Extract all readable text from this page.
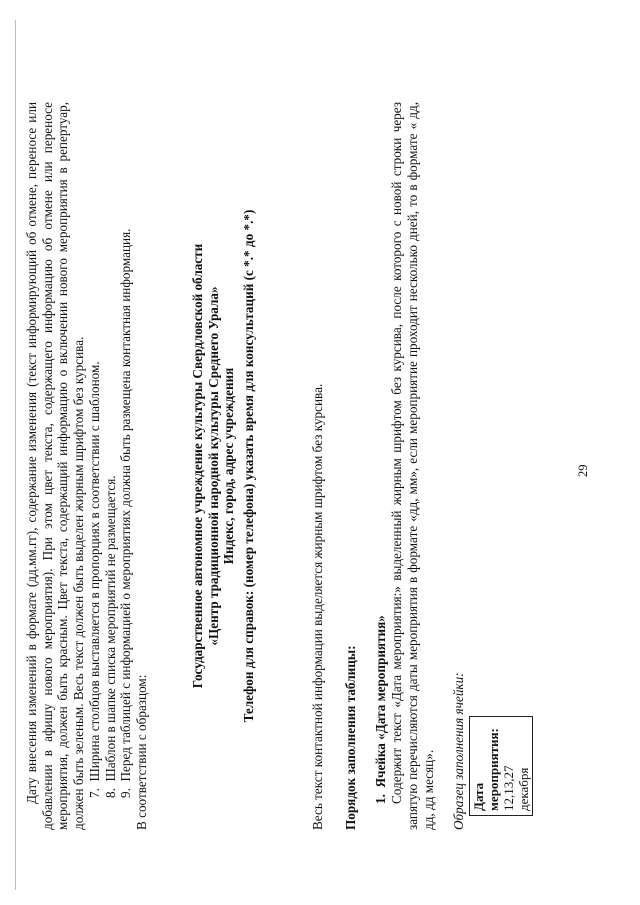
29

Дату внесения изменений в формате (дд.мм.гг), содержание изменения (текст информирующий об отмене, переносе или добавлении в афишу нового мероприятия). При этом цвет текста, содержащего информацию об отмене или переносе мероприятия, должен быть красным. Цвет текста, содержащий информацию о включении нового мероприятия в репертуар, должен быть зеленым. Весь текст должен быть выделен жирным шрифтом без курсива. 7.  Ширина столбцов выставляется в пропорциях в соответствии с шаблоном. 8.  Шаблон в шапке списка мероприятий не размещается. 9.  Перед таблицей с информацией о мероприятиях должна быть размещена контактная информация. В соответствии с образцом:

Государственное автономное учреждение культуры Свердловской области «Центр традиционной народной культуры Среднего Урала» Индекс, город, адрес учреждения Телефон для справок: (номер телефона) указать время для консультаций (с *.* до *.*)	Весь текст контактной информации выделяется жирным шрифтом без курсива. Порядок заполнения таблицы: 1.  Ячейка «Дата мероприятия» Содержит текст «Дата мероприятия:» выделенный жирным шрифтом без курсива, после которого с новой строки через запятую перечисляются даты мероприятия в формате «дд, мм», если мероприятие проходит несколько дней, то в формате « дд, дд, дд месяц». Образец заполнения ячейки: Дата мероприятия: 12,13,27 декабря
